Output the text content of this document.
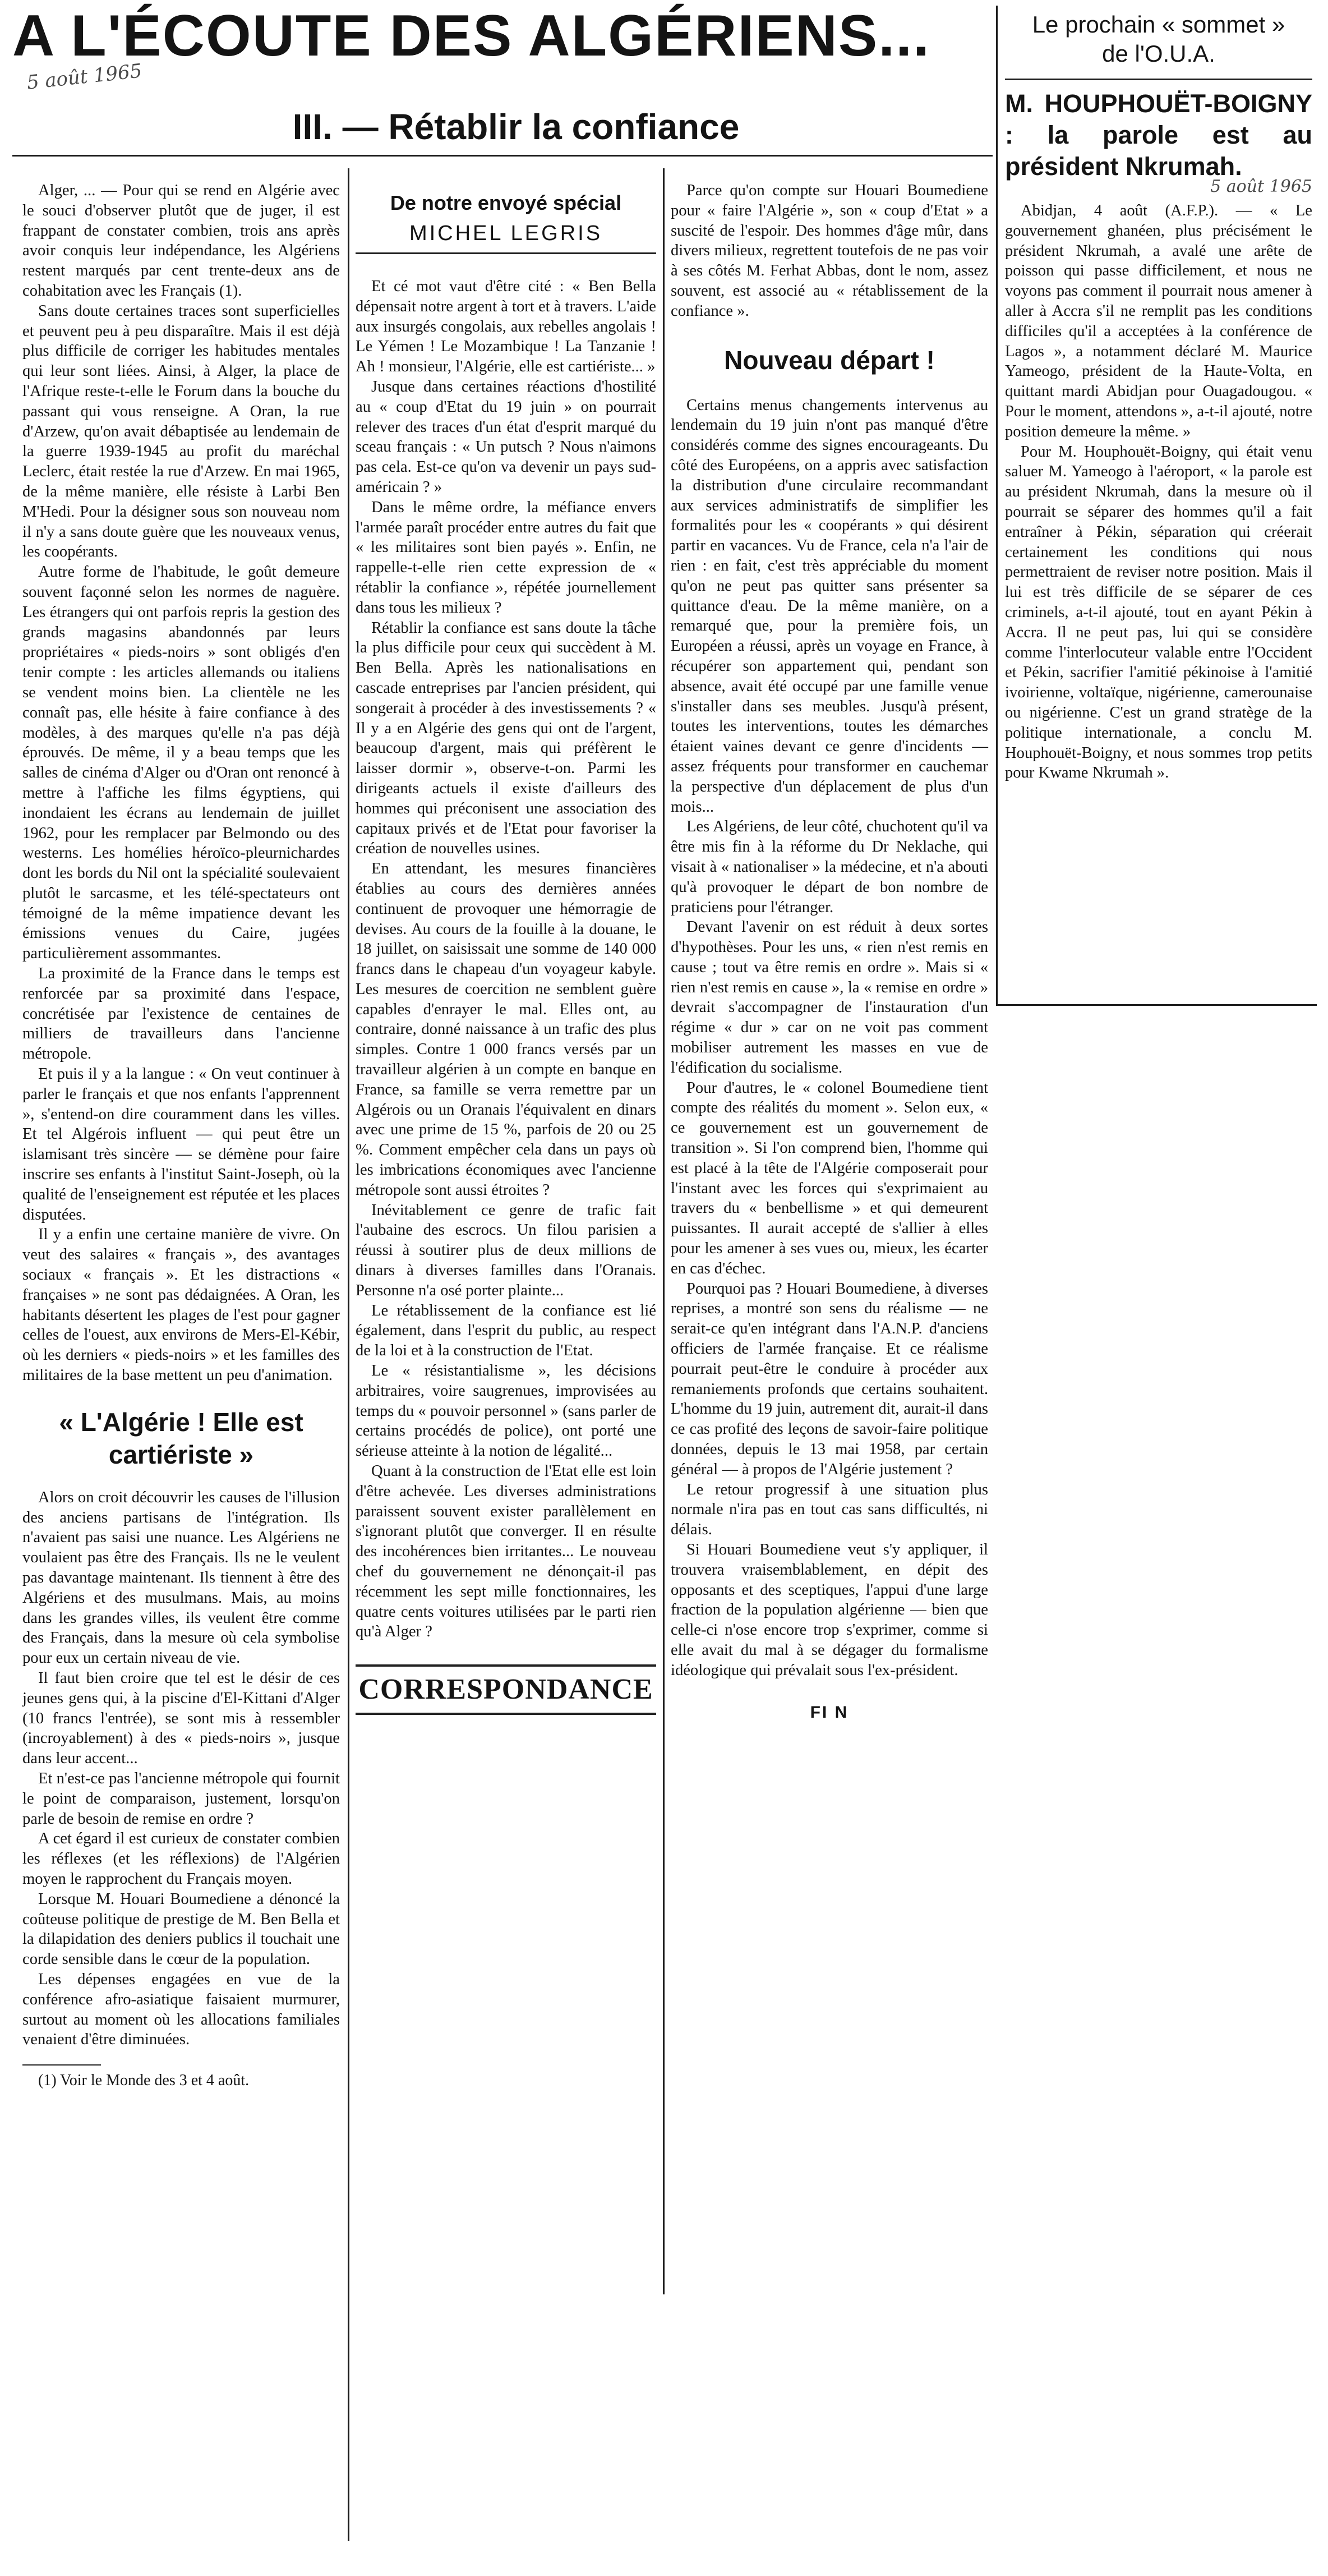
A L'ÉCOUTE DES ALGÉRIENS...
5 août 1965
III. — Rétablir la confiance

Alger, ... — Pour qui se rend en Algérie avec le souci d'observer plutôt que de juger, il est frappant de constater combien, trois ans après avoir conquis leur indépendance, les Algériens restent marqués par cent trente-deux ans de cohabitation avec les Français (1).

Sans doute certaines traces sont superficielles et peuvent peu à peu disparaître. Mais il est déjà plus difficile de corriger les habitudes mentales qui leur sont liées. Ainsi, à Alger, la place de l'Afrique reste-t-elle le Forum dans la bouche du passant qui vous renseigne. A Oran, la rue d'Arzew, qu'on avait débaptisée au lendemain de la guerre 1939-1945 au profit du maréchal Leclerc, était restée la rue d'Arzew. En mai 1965, de la même manière, elle résiste à Larbi Ben M'Hedi. Pour la désigner sous son nouveau nom il n'y a sans doute guère que les nouveaux venus, les coopérants.

Autre forme de l'habitude, le goût demeure souvent façonné selon les normes de naguère. Les étrangers qui ont parfois repris la gestion des grands magasins abandonnés par leurs propriétaires « pieds-noirs » sont obligés d'en tenir compte : les articles allemands ou italiens se vendent moins bien. La clientèle ne les connaît pas, elle hésite à faire confiance à des modèles, à des marques qu'elle n'a pas déjà éprouvés. De même, il y a beau temps que les salles de cinéma d'Alger ou d'Oran ont renoncé à mettre à l'affiche les films égyptiens, qui inondaient les écrans au lendemain de juillet 1962, pour les remplacer par Belmondo ou des westerns. Les homélies héroïco-pleurnichardes dont les bords du Nil ont la spécialité soulevaient plutôt le sarcasme, et les télé-spectateurs ont témoigné de la même impatience devant les émissions venues du Caire, jugées particulièrement assommantes.

La proximité de la France dans le temps est renforcée par sa proximité dans l'espace, concrétisée par l'existence de centaines de milliers de travailleurs dans l'ancienne métropole.

Et puis il y a la langue : « On veut continuer à parler le français et que nos enfants l'apprennent », s'entend-on dire couramment dans les villes. Et tel Algérois influent — qui peut être un islamisant très sincère — se démène pour faire inscrire ses enfants à l'institut Saint-Joseph, où la qualité de l'enseignement est réputée et les places disputées.

Il y a enfin une certaine manière de vivre. On veut des salaires « français », des avantages sociaux « français ». Et les distractions « françaises » ne sont pas dédaignées. A Oran, les habitants désertent les plages de l'est pour gagner celles de l'ouest, aux environs de Mers-El-Kébir, où les derniers « pieds-noirs » et les familles des militaires de la base mettent un peu d'animation.

« L'Algérie ! Elle est cartiériste »

Alors on croit découvrir les causes de l'illusion des anciens partisans de l'intégration. Ils n'avaient pas saisi une nuance. Les Algériens ne voulaient pas être des Français. Ils ne le veulent pas davantage maintenant. Ils tiennent à être des Algériens et des musulmans. Mais, au moins dans les grandes villes, ils veulent être comme des Français, dans la mesure où cela symbolise pour eux un certain niveau de vie.

Il faut bien croire que tel est le désir de ces jeunes gens qui, à la piscine d'El-Kittani d'Alger (10 francs l'entrée), se sont mis à ressembler (incroyablement) à des « pieds-noirs », jusque dans leur accent...

Et n'est-ce pas l'ancienne métropole qui fournit le point de comparaison, justement, lorsqu'on parle de besoin de remise en ordre ?

A cet égard il est curieux de constater combien les réflexes (et les réflexions) de l'Algérien moyen le rapprochent du Français moyen.

Lorsque M. Houari Boumediene a dénoncé la coûteuse politique de prestige de M. Ben Bella et la dilapidation des deniers publics il touchait une corde sensible dans le cœur de la population.

Les dépenses engagées en vue de la conférence afro-asiatique faisaient murmurer, surtout au moment où les allocations familiales venaient d'être diminuées.

(1) Voir le Monde des 3 et 4 août.

De notre envoyé spécial
MICHEL LEGRIS

Et cé mot vaut d'être cité : « Ben Bella dépensait notre argent à tort et à travers. L'aide aux insurgés congolais, aux rebelles angolais ! Le Yémen ! Le Mozambique ! La Tanzanie ! Ah ! monsieur, l'Algérie, elle est cartiériste... »

Jusque dans certaines réactions d'hostilité au « coup d'Etat du 19 juin » on pourrait relever des traces d'un état d'esprit marqué du sceau français : « Un putsch ? Nous n'aimons pas cela. Est-ce qu'on va devenir un pays sud-américain ? »

Dans le même ordre, la méfiance envers l'armée paraît procéder entre autres du fait que « les militaires sont bien payés ». Enfin, ne rappelle-t-elle rien cette expression de « rétablir la confiance », répétée journellement dans tous les milieux ?

Rétablir la confiance est sans doute la tâche la plus difficile pour ceux qui succèdent à M. Ben Bella. Après les nationalisations en cascade entreprises par l'ancien président, qui songerait à procéder à des investissements ? « Il y a en Algérie des gens qui ont de l'argent, beaucoup d'argent, mais qui préfèrent le laisser dormir », observe-t-on. Parmi les dirigeants actuels il existe d'ailleurs des hommes qui préconisent une association des capitaux privés et de l'Etat pour favoriser la création de nouvelles usines.

En attendant, les mesures financières établies au cours des dernières années continuent de provoquer une hémorragie de devises. Au cours de la fouille à la douane, le 18 juillet, on saisissait une somme de 140 000 francs dans le chapeau d'un voyageur kabyle. Les mesures de coercition ne semblent guère capables d'enrayer le mal. Elles ont, au contraire, donné naissance à un trafic des plus simples. Contre 1 000 francs versés par un travailleur algérien à un compte en banque en France, sa famille se verra remettre par un Algérois ou un Oranais l'équivalent en dinars avec une prime de 15 %, parfois de 20 ou 25 %. Comment empêcher cela dans un pays où les imbrications économiques avec l'ancienne métropole sont aussi étroites ?

Inévitablement ce genre de trafic fait l'aubaine des escrocs. Un filou parisien a réussi à soutirer plus de deux millions de dinars à diverses familles dans l'Oranais. Personne n'a osé porter plainte...

Le rétablissement de la confiance est lié également, dans l'esprit du public, au respect de la loi et à la construction de l'Etat.

Le « résistantialisme », les décisions arbitraires, voire saugrenues, improvisées au temps du « pouvoir personnel » (sans parler de certains procédés de police), ont porté une sérieuse atteinte à la notion de légalité...

Quant à la construction de l'Etat elle est loin d'être achevée. Les diverses administrations paraissent souvent exister parallèlement en s'ignorant plutôt que converger. Il en résulte des incohérences bien irritantes... Le nouveau chef du gouvernement ne dénonçait-il pas récemment les sept mille fonctionnaires, les quatre cents voitures utilisées par le parti rien qu'à Alger ?

CORRESPONDANCE

Parce qu'on compte sur Houari Boumediene pour « faire l'Algérie », son « coup d'Etat » a suscité de l'espoir. Des hommes d'âge mûr, dans divers milieux, regrettent toutefois de ne pas voir à ses côtés M. Ferhat Abbas, dont le nom, assez souvent, est associé au « rétablissement de la confiance ».

Nouveau départ !

Certains menus changements intervenus au lendemain du 19 juin n'ont pas manqué d'être considérés comme des signes encourageants. Du côté des Européens, on a appris avec satisfaction la distribution d'une circulaire recommandant aux services administratifs de simplifier les formalités pour les « coopérants » qui désirent partir en vacances. Vu de France, cela n'a l'air de rien : en fait, c'est très appréciable du moment qu'on ne peut pas quitter sans présenter sa quittance d'eau. De la même manière, on a remarqué que, pour la première fois, un Européen a réussi, après un voyage en France, à récupérer son appartement qui, pendant son absence, avait été occupé par une famille venue s'installer dans ses meubles. Jusqu'à présent, toutes les interventions, toutes les démarches étaient vaines devant ce genre d'incidents — assez fréquents pour transformer en cauchemar la perspective d'un déplacement de plus d'un mois...

Les Algériens, de leur côté, chuchotent qu'il va être mis fin à la réforme du Dr Neklache, qui visait à « nationaliser » la médecine, et n'a abouti qu'à provoquer le départ de bon nombre de praticiens pour l'étranger.

Devant l'avenir on est réduit à deux sortes d'hypothèses. Pour les uns, « rien n'est remis en cause ; tout va être remis en ordre ». Mais si « rien n'est remis en cause », la « remise en ordre » devrait s'accompagner de l'instauration d'un régime « dur » car on ne voit pas comment mobiliser autrement les masses en vue de l'édification du socialisme.

Pour d'autres, le « colonel Boumediene tient compte des réalités du moment ». Selon eux, « ce gouvernement est un gouvernement de transition ». Si l'on comprend bien, l'homme qui est placé à la tête de l'Algérie composerait pour l'instant avec les forces qui s'exprimaient au travers du « benbellisme » et qui demeurent puissantes. Il aurait accepté de s'allier à elles pour les amener à ses vues ou, mieux, les écarter en cas d'échec.

Pourquoi pas ? Houari Boumediene, à diverses reprises, a montré son sens du réalisme — ne serait-ce qu'en intégrant dans l'A.N.P. d'anciens officiers de l'armée française. Et ce réalisme pourrait peut-être le conduire à procéder aux remaniements profonds que certains souhaitent. L'homme du 19 juin, autrement dit, aurait-il dans ce cas profité des leçons de savoir-faire politique données, depuis le 13 mai 1958, par certain général — à propos de l'Algérie justement ?

Le retour progressif à une situation plus normale n'ira pas en tout cas sans difficultés, ni délais.

Si Houari Boumediene veut s'y appliquer, il trouvera vraisemblablement, en dépit des opposants et des sceptiques, l'appui d'une large fraction de la population algérienne — bien que celle-ci n'ose encore trop s'exprimer, comme si elle avait du mal à se dégager du formalisme idéologique qui prévalait sous l'ex-président.

FI N
Le prochain « sommet » de l'O.U.A.
M. HOUPHOUËT-BOIGNY : la parole est au président Nkrumah.
5 août 1965

Abidjan, 4 août (A.F.P.). — « Le gouvernement ghanéen, plus précisément le président Nkrumah, a avalé une arête de poisson qui passe difficilement, et nous ne voyons pas comment il pourrait nous amener à aller à Accra s'il ne remplit pas les conditions difficiles qu'il a acceptées à la conférence de Lagos », a notamment déclaré M. Maurice Yameogo, président de la Haute-Volta, en quittant mardi Abidjan pour Ouagadougou. « Pour le moment, attendons », a-t-il ajouté, notre position demeure la même. »

Pour M. Houphouët-Boigny, qui était venu saluer M. Yameogo à l'aéroport, « la parole est au président Nkrumah, dans la mesure où il pourrait se séparer des hommes qu'il a fait entraîner à Pékin, séparation qui créerait certainement les conditions qui nous permettraient de reviser notre position. Mais il lui est très difficile de se séparer de ces criminels, a-t-il ajouté, tout en ayant Pékin à Accra. Il ne peut pas, lui qui se considère comme l'interlocuteur valable entre l'Occident et Pékin, sacrifier l'amitié pékinoise à l'amitié ivoirienne, voltaïque, nigérienne, camerounaise ou nigérienne. C'est un grand stratège de la politique internationale, a conclu M. Houphouët-Boigny, et nous sommes trop petits pour Kwame Nkrumah ».
